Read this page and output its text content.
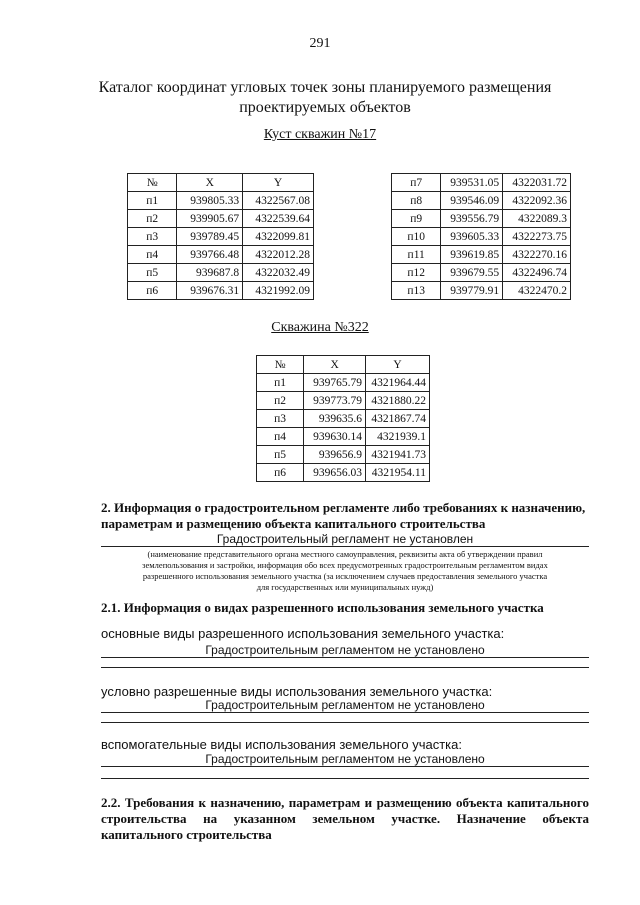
291
Каталог координат угловых точек зоны планируемого размещения
проектируемых объектов
Куст скважин №17
№	X	Y
п1	939805.33	4322567.08
п2	939905.67	4322539.64
п3	939789.45	4322099.81
п4	939766.48	4322012.28
п5	939687.8	4322032.49
п6	939676.31	4321992.09
п7	939531.05	4322031.72
п8	939546.09	4322092.36
п9	939556.79	4322089.3
п10	939605.33	4322273.75
п11	939619.85	4322270.16
п12	939679.55	4322496.74
п13	939779.91	4322470.2
Скважина №322
№	X	Y
п1	939765.79	4321964.44
п2	939773.79	4321880.22
п3	939635.6	4321867.74
п4	939630.14	4321939.1
п5	939656.9	4321941.73
п6	939656.03	4321954.11
2. Информация о градостроительном регламенте либо требованиях к назначению,
параметрам и размещению объекта капитального строительства
Градостроительный регламент не установлен
(наименование представительного органа местного самоуправления, реквизиты акта об утверждении правил
землепользования и застройки, информация обо всех предусмотренных градостроительным регламентом видах
разрешенного использования земельного участка (за исключением случаев предоставления земельного участка
для государственных или муниципальных нужд)
2.1. Информация о видах разрешенного использования земельного участка
основные виды разрешенного использования земельного участка:
Градостроительным регламентом не установлено
условно разрешенные виды использования земельного участка:
Градостроительным регламентом не установлено
вспомогательные виды использования земельного участка:
Градостроительным регламентом не установлено
2.2. Требования к назначению, параметрам и размещению объекта капитального
строительства на указанном земельном участке. Назначение объекта
капитального строительства
